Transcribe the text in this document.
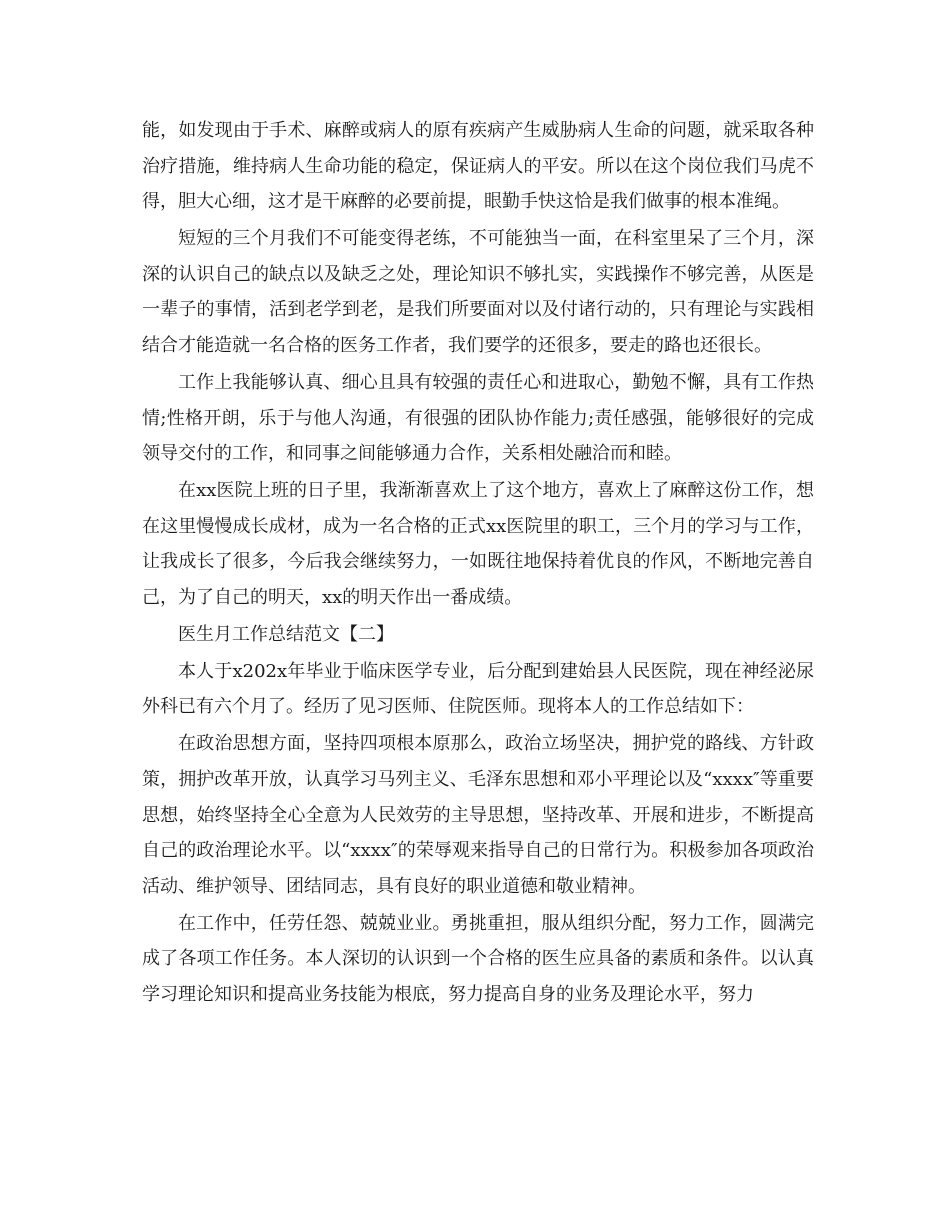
能，如发现由于手术、麻醉或病人的原有疾病产生威胁病人生命的问题，就采取各种治疗措施，维持病人生命功能的稳定，保证病人的平安。所以在这个岗位我们马虎不得，胆大心细，这才是干麻醉的必要前提，眼勤手快这恰是我们做事的根本准绳。

短短的三个月我们不可能变得老练，不可能独当一面，在科室里呆了三个月，深深的认识自己的缺点以及缺乏之处，理论知识不够扎实，实践操作不够完善，从医是一辈子的事情，活到老学到老，是我们所要面对以及付诸行动的，只有理论与实践相结合才能造就一名合格的医务工作者，我们要学的还很多，要走的路也还很长。

工作上我能够认真、细心且具有较强的责任心和进取心，勤勉不懈，具有工作热情;性格开朗，乐于与他人沟通，有很强的团队协作能力;责任感强，能够很好的完成领导交付的工作，和同事之间能够通力合作，关系相处融洽而和睦。

在xx医院上班的日子里，我渐渐喜欢上了这个地方，喜欢上了麻醉这份工作，想在这里慢慢成长成材，成为一名合格的正式xx医院里的职工，三个月的学习与工作，让我成长了很多，今后我会继续努力，一如既往地保持着优良的作风，不断地完善自己，为了自己的明天，xx的明天作出一番成绩。

医生月工作总结范文【二】

本人于x202x年毕业于临床医学专业，后分配到建始县人民医院，现在神经泌尿外科已有六个月了。经历了见习医师、住院医师。现将本人的工作总结如下：

在政治思想方面，坚持四项根本原那么，政治立场坚决，拥护党的路线、方针政策，拥护改革开放，认真学习马列主义、毛泽东思想和邓小平理论以及“xxxx″等重要思想，始终坚持全心全意为人民效劳的主导思想，坚持改革、开展和进步，不断提高自己的政治理论水平。以“xxxx″的荣辱观来指导自己的日常行为。积极参加各项政治活动、维护领导、团结同志，具有良好的职业道德和敬业精神。

在工作中，任劳任怨、兢兢业业。勇挑重担，服从组织分配，努力工作，圆满完成了各项工作任务。本人深切的认识到一个合格的医生应具备的素质和条件。以认真学习理论知识和提高业务技能为根底，努力提高自身的业务及理论水平，努力
